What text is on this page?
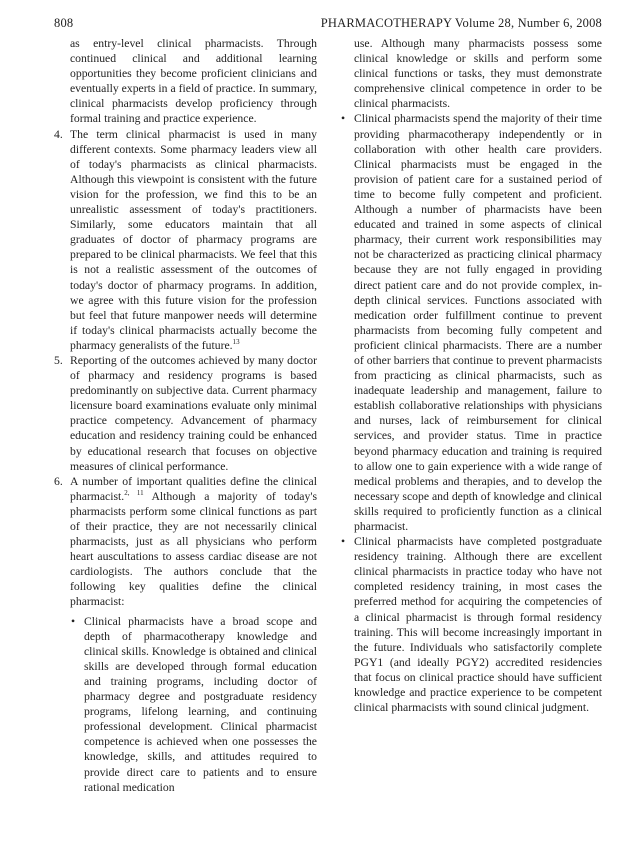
808	PHARMACOTHERAPY Volume 28, Number 6, 2008

as entry-level clinical pharmacists. Through continued clinical and additional learning opportunities they become proficient clinicians and eventually experts in a field of practice. In summary, clinical pharmacists develop proficiency through formal training and practice experience.

4. The term clinical pharmacist is used in many different contexts. Some pharmacy leaders view all of today's pharmacists as clinical pharmacists. Although this viewpoint is consistent with the future vision for the profession, we find this to be an unrealistic assessment of today's practitioners. Similarly, some educators maintain that all graduates of doctor of pharmacy programs are prepared to be clinical pharmacists. We feel that this is not a realistic assessment of the outcomes of today's doctor of pharmacy programs. In addition, we agree with this future vision for the profession but feel that future manpower needs will determine if today's clinical pharmacists actually become the pharmacy generalists of the future.$^{13}$

5. Reporting of the outcomes achieved by many doctor of pharmacy and residency programs is based predominantly on subjective data. Current pharmacy licensure board examinations evaluate only minimal practice competency. Advancement of pharmacy education and residency training could be enhanced by educational research that focuses on objective measures of clinical performance.

6. A number of important qualities define the clinical pharmacist.$^{2, 11}$ Although a majority of today's pharmacists perform some clinical functions as part of their practice, they are not necessarily clinical pharmacists, just as all physicians who perform heart auscultations to assess cardiac disease are not cardiologists. The authors conclude that the following key qualities define the clinical pharmacist:

• Clinical pharmacists have a broad scope and depth of pharmacotherapy knowledge and clinical skills. Knowledge is obtained and clinical skills are developed through formal education and training programs, including doctor of pharmacy degree and postgraduate residency programs, lifelong learning, and continuing professional development. Clinical pharmacist competence is achieved when one possesses the knowledge, skills, and attitudes required to provide direct care to patients and to ensure rational medication

use. Although many pharmacists possess some clinical knowledge or skills and perform some clinical functions or tasks, they must demonstrate comprehensive clinical competence in order to be clinical pharmacists.

• Clinical pharmacists spend the majority of their time providing pharmacotherapy independently or in collaboration with other health care providers. Clinical pharmacists must be engaged in the provision of patient care for a sustained period of time to become fully competent and proficient. Although a number of pharmacists have been educated and trained in some aspects of clinical pharmacy, their current work responsibilities may not be characterized as practicing clinical pharmacy because they are not fully engaged in providing direct patient care and do not provide complex, in-depth clinical services. Functions associated with medication order fulfillment continue to prevent pharmacists from becoming fully competent and proficient clinical pharmacists. There are a number of other barriers that continue to prevent pharmacists from practicing as clinical pharmacists, such as inadequate leadership and management, failure to establish collaborative relationships with physicians and nurses, lack of reimbursement for clinical services, and provider status. Time in practice beyond pharmacy education and training is required to allow one to gain experience with a wide range of medical problems and therapies, and to develop the necessary scope and depth of knowledge and clinical skills required to proficiently function as a clinical pharmacist.

• Clinical pharmacists have completed postgraduate residency training. Although there are excellent clinical pharmacists in practice today who have not completed residency training, in most cases the preferred method for acquiring the competencies of a clinical pharmacist is through formal residency training. This will become increasingly important in the future. Individuals who satisfactorily complete PGY1 (and ideally PGY2) accredited residencies that focus on clinical practice should have sufficient knowledge and practice experience to be competent clinical pharmacists with sound clinical judgment.
